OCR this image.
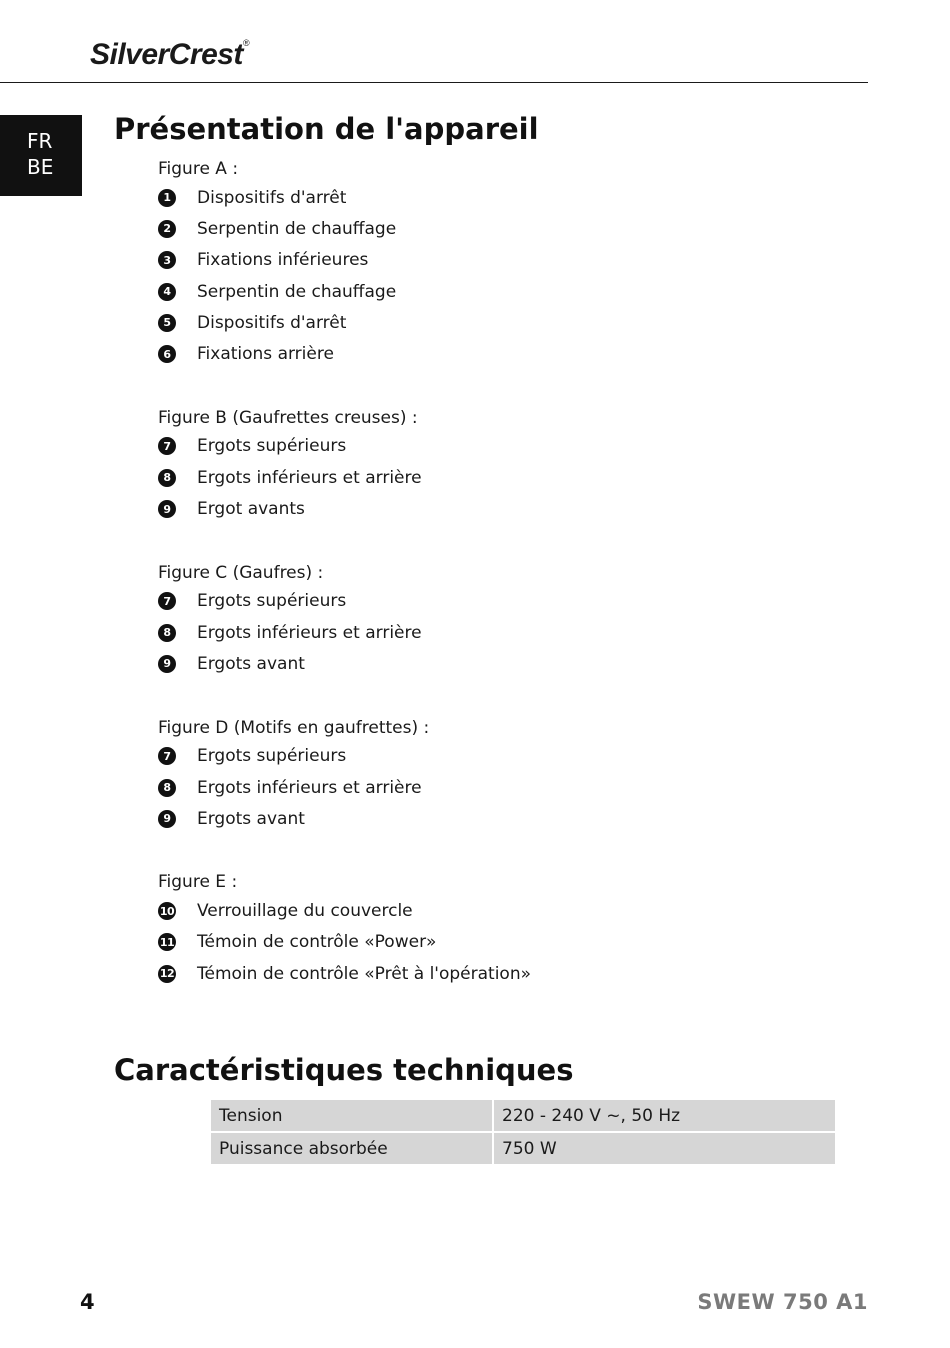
SilverCrest®
FR
BE
Présentation de l'appareil
Figure A :
1	Dispositifs d'arrêt
2	Serpentin de chauffage
3	Fixations inférieures
4	Serpentin de chauffage
5	Dispositifs d'arrêt
6	Fixations arrière
Figure B (Gaufrettes creuses) :
7	Ergots supérieurs
8	Ergots inférieurs et arrière
9	Ergot avants
Figure C (Gaufres) :
7	Ergots supérieurs
8	Ergots inférieurs et arrière
9	Ergots avant
Figure D (Motifs en gaufrettes) :
7	Ergots supérieurs
8	Ergots inférieurs et arrière
9	Ergots avant
Figure E :
10 Verrouillage du couvercle
11 Témoin de contrôle «Power»
12 Témoin de contrôle «Prêt à l'opération»
Caractéristiques techniques
Tension	220 - 240 V ~, 50 Hz
Puissance absorbée	750 W
4	SWEW 750 A1
